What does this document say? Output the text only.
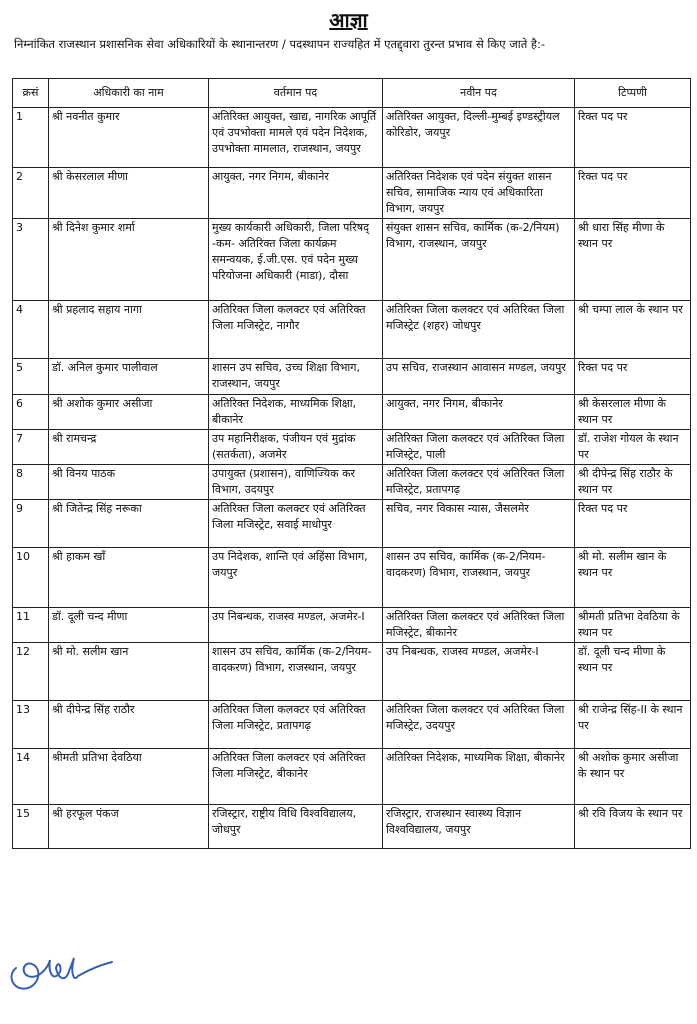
आज्ञा
निम्नांकित राजस्थान प्रशासनिक सेवा अधिकारियों के स्थानान्तरण / पदस्थापन राज्यहित में एतद्द्वारा तुरन्त प्रभाव से किए जाते है:-
क्रसं	अधिकारी का नाम	वर्तमान पद	नवीन पद	टिप्पणी
1	श्री नवनीत कुमार	अतिरिक्त आयुक्त, खाद्य, नागरिक आपूर्ति एवं उपभोक्ता मामले एवं पदेन निदेशक, उपभोक्ता मामलात, राजस्थान, जयपुर	अतिरिक्त आयुक्त, दिल्ली-मुम्बई इण्डस्ट्रीयल कोरिडोर, जयपुर	रिक्त पद पर
2	श्री केसरलाल मीणा	आयुक्त, नगर निगम, बीकानेर	अतिरिक्त निदेशक एवं पदेन संयुक्त शासन सचिव, सामाजिक न्याय एवं अधिकारिता विभाग, जयपुर	रिक्त पद पर
3	श्री दिनेश कुमार शर्मा	मुख्य कार्यकारी अधिकारी, जिला परिषद् -कम- अतिरिक्त जिला कार्यक्रम समन्वयक, ई.जी.एस. एवं पदेन मुख्य परियोजना अधिकारी (माडा), दौसा	संयुक्त शासन सचिव, कार्मिक (क-2/नियम) विभाग, राजस्थान, जयपुर	श्री धारा सिंह मीणा के स्थान पर
4	श्री प्रहलाद सहाय नागा	अतिरिक्त जिला कलक्टर एवं अतिरिक्त जिला मजिस्ट्रेट, नागौर	अतिरिक्त जिला कलक्टर एवं अतिरिक्त जिला मजिस्ट्रेट (शहर) जोधपुर	श्री चम्पा लाल के स्थान पर
5	डॉ. अनिल कुमार पालीवाल	शासन उप सचिव, उच्च शिक्षा विभाग, राजस्थान, जयपुर	उप सचिव, राजस्थान आवासन मण्डल, जयपुर	रिक्त पद पर
6	श्री अशोक कुमार असीजा	अतिरिक्त निदेशक, माध्यमिक शिक्षा, बीकानेर	आयुक्त, नगर निगम, बीकानेर	श्री केसरलाल मीणा के स्थान पर
7	श्री रामचन्द्र	उप महानिरीक्षक, पंजीयन एवं मुद्रांक (सतर्कता), अजमेर	अतिरिक्त जिला कलक्टर एवं अतिरिक्त जिला मजिस्ट्रेट, पाली	डॉ. राजेश गोयल के स्थान पर
8	श्री विनय पाठक	उपायुक्त (प्रशासन), वाणिज्यिक कर विभाग, उदयपुर	अतिरिक्त जिला कलक्टर एवं अतिरिक्त जिला मजिस्ट्रेट, प्रतापगढ़	श्री दीपेन्द्र सिंह राठौर के स्थान पर
9	श्री जितेन्द्र सिंह नरूका	अतिरिक्त जिला कलक्टर एवं अतिरिक्त जिला मजिस्ट्रेट, सवाई माधोपुर	सचिव, नगर विकास न्यास, जैसलमेर	रिक्त पद पर
10	श्री हाकम खाँ	उप निदेशक, शान्ति एवं अहिंसा विभाग, जयपुर	शासन उप सचिव, कार्मिक (क-2/नियम-वादकरण) विभाग, राजस्थान, जयपुर	श्री मो. सलीम खान के स्थान पर
11	डॉ. दूली चन्द मीणा	उप निबन्धक, राजस्व मण्डल, अजमेर-I	अतिरिक्त जिला कलक्टर एवं अतिरिक्त जिला मजिस्ट्रेट, बीकानेर	श्रीमती प्रतिभा देवठिया के स्थान पर
12	श्री मो. सलीम खान	शासन उप सचिव, कार्मिक (क-2/नियम-वादकरण) विभाग, राजस्थान, जयपुर	उप निबन्धक, राजस्व मण्डल, अजमेर-I	डॉ. दूली चन्द मीणा के स्थान पर
13	श्री दीपेन्द्र सिंह राठौर	अतिरिक्त जिला कलक्टर एवं अतिरिक्त जिला मजिस्ट्रेट, प्रतापगढ़	अतिरिक्त जिला कलक्टर एवं अतिरिक्त जिला मजिस्ट्रेट, उदयपुर	श्री राजेन्द्र सिंह-II के स्थान पर
14	श्रीमती प्रतिभा देवठिया	अतिरिक्त जिला कलक्टर एवं अतिरिक्त जिला मजिस्ट्रेट, बीकानेर	अतिरिक्त निदेशक, माध्यमिक शिक्षा, बीकानेर	श्री अशोक कुमार असीजा के स्थान पर
15	श्री हरफूल पंकज	रजिस्ट्रार, राष्ट्रीय विधि विश्वविद्यालय, जोधपुर	रजिस्ट्रार, राजस्थान स्वास्थ्य विज्ञान विश्वविद्यालय, जयपुर	श्री रवि विजय के स्थान पर
